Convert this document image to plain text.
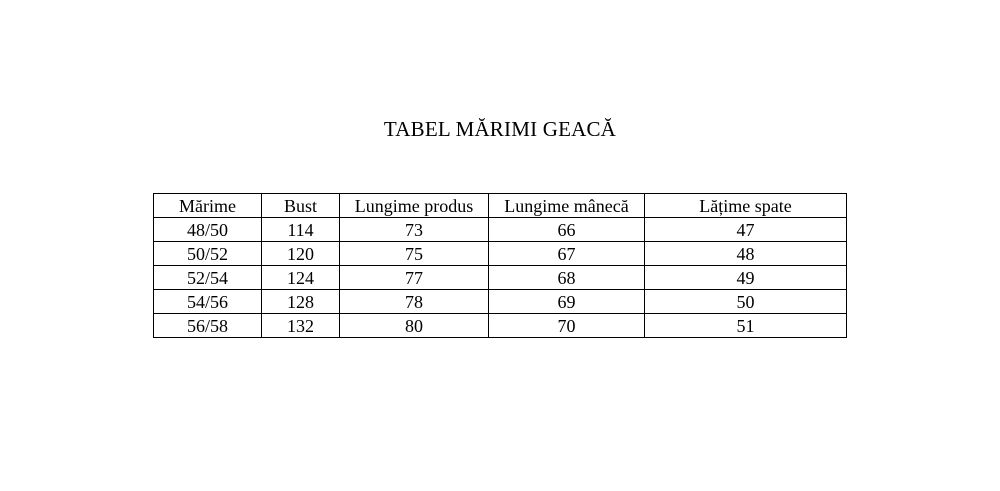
TABEL MĂRIMI GEACĂ
Mărime	Bust	Lungime produs	Lungime mânecă	Lățime spate
48/50	114	73	66	47
50/52	120	75	67	48
52/54	124	77	68	49
54/56	128	78	69	50
56/58	132	80	70	51
